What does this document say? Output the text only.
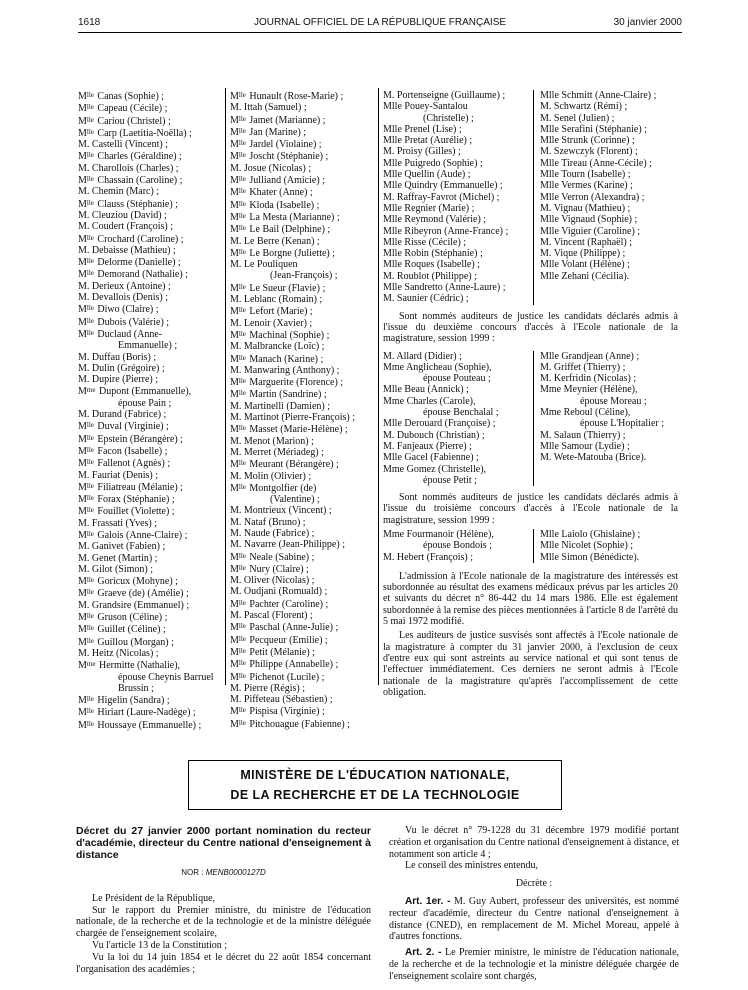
1618	JOURNAL OFFICIEL DE LA RÉPUBLIQUE FRANÇAISE	30 janvier 2000
$M^{lle}$ Canas (Sophie) ;
$M^{lle}$ Capeau (Cécile) ;
$M^{lle}$ Cariou (Christel) ;
$M^{lle}$ Carp (Laetitia-Noëlla) ;
M. Castelli (Vincent) ;
$M^{lle}$ Charles (Géraldine) ;
M. Charollois (Charles) ;
$M^{lle}$ Chassain (Caroline) ;
M. Chemin (Marc) ;
$M^{lle}$ Clauss (Stéphanie) ;
M. Cleuziou (David) ;
M. Coudert (François) ;
$M^{lle}$ Crochard (Caroline) ;
M. Debaisse (Mathieu) ;
$M^{lle}$ Delorme (Danielle) ;
$M^{lle}$ Demorand (Nathalie) ;
M. Derieux (Antoine) ;
M. Devallois (Denis) ;
$M^{lle}$ Diwo (Claire) ;
$M^{lle}$ Dubois (Valérie) ;
$M^{lle}$ Duclaud (Anne-
Emmanuelle) ;
M. Duffau (Boris) ;
M. Dulin (Grégoire) ;
M. Dupire (Pierre) ;
$M^{me}$ Dupont (Emmanuelle),
épouse Pain ;
M. Durand (Fabrice) ;
$M^{lle}$ Duval (Virginie) ;
$M^{lle}$ Epstein (Bérangère) ;
$M^{lle}$ Facon (Isabelle) ;
$M^{lle}$ Fallenot (Agnès) ;
M. Fauriat (Denis) ;
$M^{lle}$ Filiatreau (Mélanie) ;
$M^{lle}$ Forax (Stéphanie) ;
$M^{lle}$ Fouillet (Violette) ;
M. Frassati (Yves) ;
$M^{lle}$ Galois (Anne-Claire) ;
M. Ganivet (Fabien) ;
M. Genet (Martin) ;
M. Gilot (Simon) ;
$M^{lle}$ Goricux (Mohyne) ;
$M^{lle}$ Graeve (de) (Amélie) ;
M. Grandsire (Emmanuel) ;
$M^{lle}$ Gruson (Céline) ;
$M^{lle}$ Guillet (Céline) ;
$M^{lle}$ Guillou (Morgan) ;
M. Heitz (Nicolas) ;
$M^{me}$ Hermitte (Nathalie),
épouse Cheynis Barruel
Brussin ;
$M^{lle}$ Higelin (Sandra) ;
$M^{lle}$ Hiriart (Laure-Nadège) ;
$M^{lle}$ Houssaye (Emmanuelle) ;
$M^{lle}$ Hunault (Rose-Marie) ;
M. Ittah (Samuel) ;
$M^{lle}$ Jamet (Marianne) ;
$M^{lle}$ Jan (Marine) ;
$M^{lle}$ Jardel (Violaine) ;
$M^{lle}$ Joscht (Stéphanie) ;
M. Josue (Nicolas) ;
$M^{lle}$ Julliand (Amicie) ;
$M^{lle}$ Khater (Anne) ;
$M^{lle}$ Kloda (Isabelle) ;
$M^{lle}$ La Mesta (Marianne) ;
$M^{lle}$ Le Bail (Delphine) ;
M. Le Berre (Kenan) ;
$M^{lle}$ Le Borgne (Juliette) ;
M. Le Pouliquen
(Jean-François) ;
$M^{lle}$ Le Sueur (Flavie) ;
M. Leblanc (Romain) ;
$M^{lle}$ Lefort (Marie) ;
M. Lenoir (Xavier) ;
$M^{lle}$ Machinal (Sophie) ;
M. Malbrancke (Loïc) ;
$M^{lle}$ Manach (Karine) ;
M. Manwaring (Anthony) ;
$M^{lle}$ Marguerite (Florence) ;
$M^{lle}$ Martin (Sandrine) ;
M. Martinelli (Damien) ;
M. Martinot (Pierre-François) ;
$M^{lle}$ Masset (Marie-Hélène) ;
M. Menot (Marion) ;
M. Merret (Mériadeg) ;
$M^{lle}$ Meurant (Bérangère) ;
M. Molin (Olivier) ;
$M^{lle}$ Montgolfier (de)
(Valentine) ;
M. Montrieux (Vincent) ;
M. Nataf (Bruno) ;
M. Naude (Fabrice) ;
M. Navarre (Jean-Philippe) ;
$M^{lle}$ Neale (Sabine) ;
$M^{lle}$ Nury (Claire) ;
M. Oliver (Nicolas) ;
M. Oudjani (Romuald) ;
$M^{lle}$ Pachter (Caroline) ;
M. Pascal (Florent) ;
$M^{lle}$ Paschal (Anne-Julie) ;
$M^{lle}$ Pecqueur (Emilie) ;
$M^{lle}$ Petit (Mélanie) ;
$M^{lle}$ Philippe (Annabelle) ;
$M^{lle}$ Pichenot (Lucile) ;
M. Pierre (Régis) ;
M. Piffeteau (Sébastien) ;
$M^{lle}$ Pispisa (Virginie) ;
$M^{lle}$ Pitchouague (Fabienne) ;
M. Portenseigne (Guillaume) ;
Mlle Pouey-Santalou
(Christelle) ;
Mlle Prenel (Lise) ;
Mlle Pretat (Aurélie) ;
M. Proisy (Gilles) ;
Mlle Puigredo (Sophie) ;
Mlle Quellin (Aude) ;
Mlle Quindry (Emmanuelle) ;
M. Raffray-Favrot (Michel) ;
Mlle Regnier (Marie) ;
Mlle Reymond (Valérie) ;
Mlle Ribeyron (Anne-France) ;
Mlle Risse (Cécile) ;
Mlle Robin (Stéphanie) ;
Mlle Roques (Isabelle) ;
M. Roublot (Philippe) ;
Mlle Sandretto (Anne-Laure) ;
M. Saunier (Cédric) ;
Mlle Schmitt (Anne-Claire) ;
M. Schwartz (Rémi) ;
M. Senel (Julien) ;
Mlle Serafini (Stéphanie) ;
Mlle Strunk (Corinne) ;
M. Szewczyk (Florent) ;
Mlle Tireau (Anne-Cécile) ;
Mlle Tourn (Isabelle) ;
Mlle Vermes (Karine) ;
Mlle Verron (Alexandra) ;
M. Vignau (Mathieu) ;
Mlle Vignaud (Sophie) ;
Mlle Viguier (Caroline) ;
M. Vincent (Raphaël) ;
M. Vique (Philippe) ;
Mlle Volant (Hélène) ;
Mlle Zehani (Cécilia).

Sont nommés auditeurs de justice les candidats déclarés admis à l'issue du deuxième concours d'accès à l'Ecole nationale de la magistrature, session 1999 :

M. Allard (Didier) ;
Mme Anglicheau (Sophie),
épouse Pouteau ;
Mlle Beau (Annick) ;
Mme Charles (Carole),
épouse Benchalal ;
Mlle Derouard (Françoise) ;
M. Dubouch (Christian) ;
M. Fanjeaux (Pierre) ;
Mlle Gacel (Fabienne) ;
Mme Gomez (Christelle),
épouse Petit ;
Mlle Grandjean (Anne) ;
M. Griffet (Thierry) ;
M. Kerfridin (Nicolas) ;
Mme Meynier (Hélène),
épouse Moreau ;
Mme Reboul (Céline),
épouse L'Hopitalier ;
M. Salaun (Thierry) ;
Mlle Samour (Lydie) ;
M. Wete-Matouba (Brice).

Sont nommés auditeurs de justice les candidats déclarés admis à l'issue du troisième concours d'accès à l'Ecole nationale de la magistrature, session 1999 :

Mme Fourmanoir (Hélène),
épouse Bondois ;
M. Hebert (François) ;
Mlle Laiolo (Ghislaine) ;
Mlle Nicolet (Sophie) ;
Mlle Simon (Bénédicte).

L'admission à l'Ecole nationale de la magistrature des intéressés est subordonnée au résultat des examens médicaux prévus par les articles 20 et suivants du décret n° 86-442 du 14 mars 1986. Elle est également subordonnée à la remise des pièces mentionnées à l'article 8 de l'arrêté du 5 mai 1972 modifié.

Les auditeurs de justice susvisés sont affectés à l'Ecole nationale de la magistrature à compter du 31 janvier 2000, à l'exclusion de ceux d'entre eux qui sont astreints au service national et qui sont tenus de l'effectuer immédiatement. Ces derniers ne seront admis à l'Ecole nationale de la magistrature qu'après l'accomplissement de cette obligation.

MINISTÈRE DE L'ÉDUCATION NATIONALE,
DE LA RECHERCHE ET DE LA TECHNOLOGIE
Décret du 27 janvier 2000 portant nomination du recteur d'académie, directeur du Centre national d'enseignement à distance
NOR : MENB0000127D

Le Président de la République,

Sur le rapport du Premier ministre, du ministre de l'éducation nationale, de la recherche et de la technologie et de la ministre déléguée chargée de l'enseignement scolaire,

Vu l'article 13 de la Constitution ;

Vu la loi du 14 juin 1854 et le décret du 22 août 1854 concernant l'organisation des académies ;

Vu le décret n° 79-1228 du 31 décembre 1979 modifié portant création et organisation du Centre national d'enseignement à distance, et notamment son article 4 ;

Le conseil des ministres entendu,

Décrète :

Art. 1er. - M. Guy Aubert, professeur des universités, est nommé recteur d'académie, directeur du Centre national d'enseignement à distance (CNED), en remplacement de M. Michel Moreau, appelé à d'autres fonctions.

Art. 2. - Le Premier ministre, le ministre de l'éducation nationale, de la recherche et de la technologie et la ministre déléguée chargée de l'enseignement scolaire sont chargés,
